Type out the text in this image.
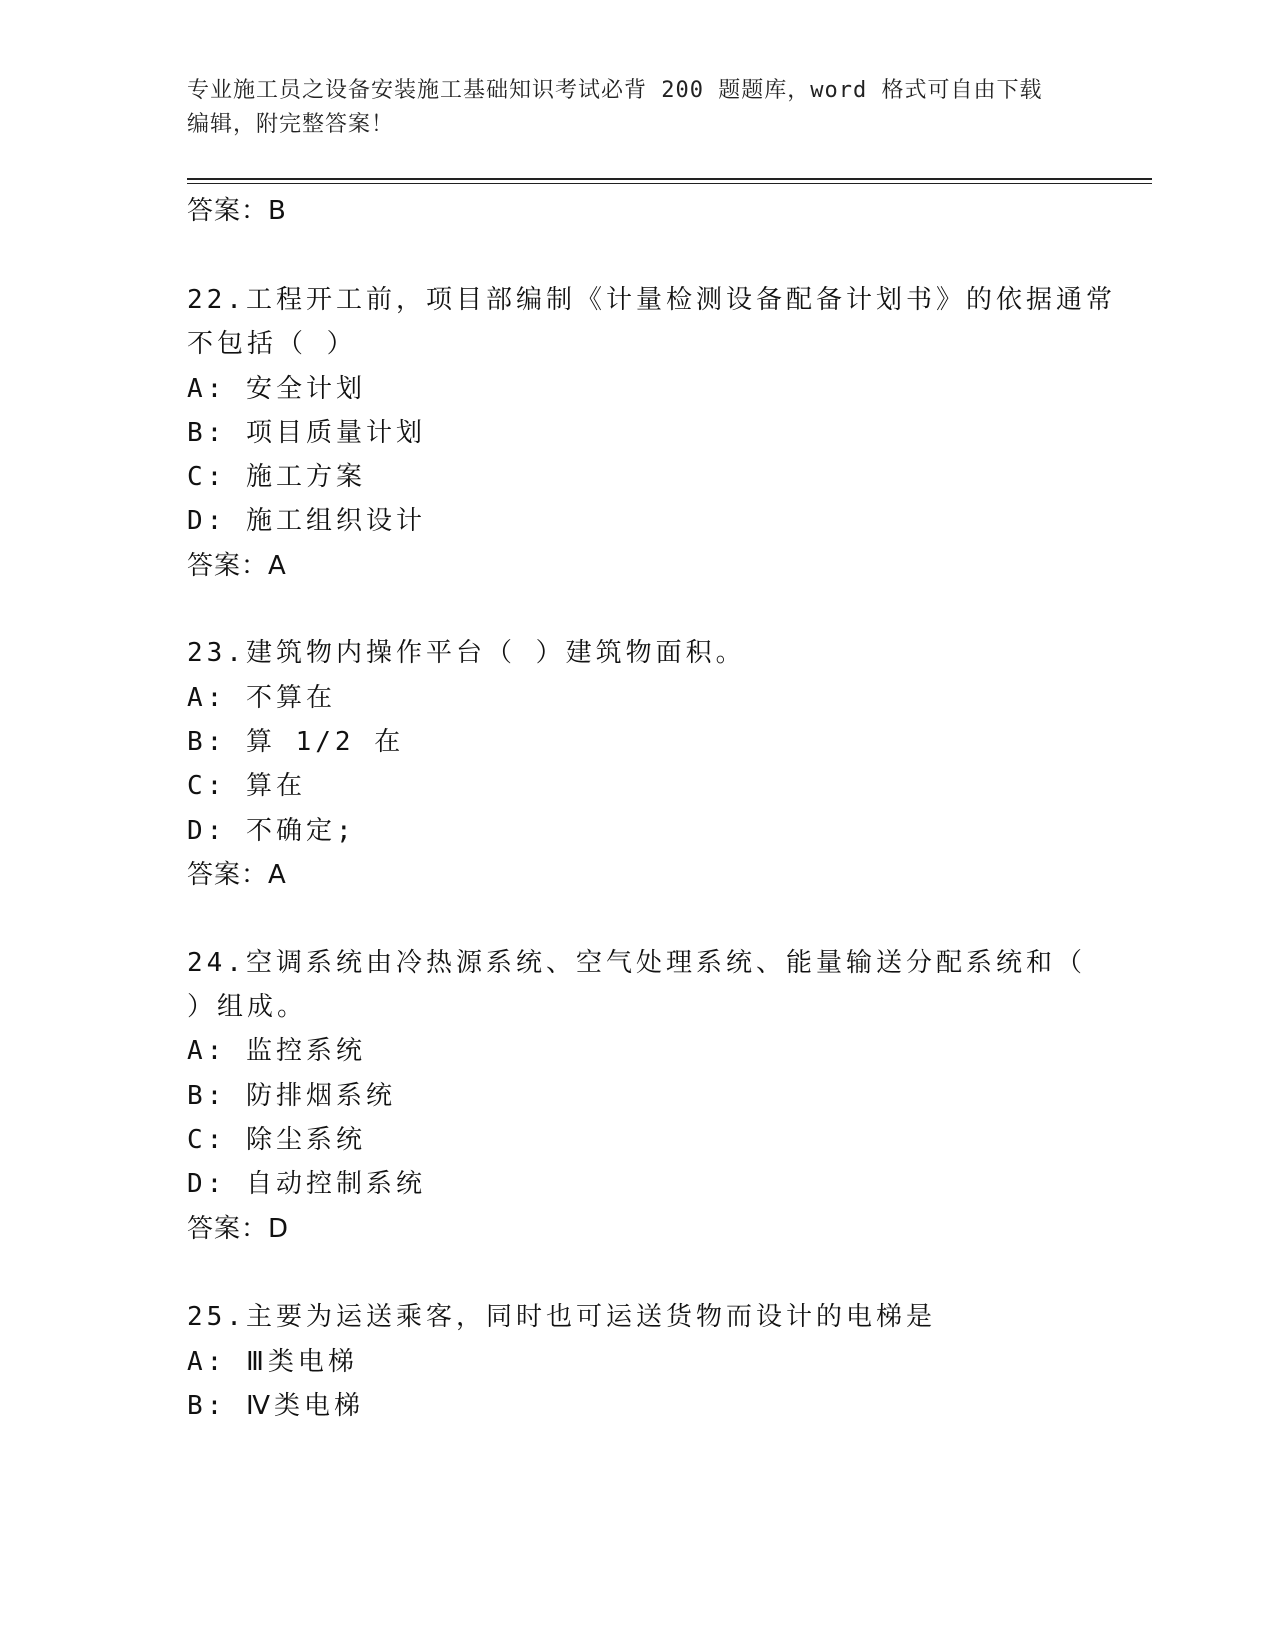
专业施工员之设备安装施工基础知识考试必背 200 题题库，word 格式可自由下载
编辑，附完整答案！
答案：B
22.工程开工前，项目部编制《计量检测设备配备计划书》的依据通常
不包括（ ）
A: 安全计划
B: 项目质量计划
C: 施工方案
D: 施工组织设计
答案：A
23.建筑物内操作平台（ ）建筑物面积。
A: 不算在
B: 算 1/2 在
C: 算在
D: 不确定;
答案：A
24.空调系统由冷热源系统、空气处理系统、能量输送分配系统和（
）组成。
A: 监控系统
B: 防排烟系统
C: 除尘系统
D: 自动控制系统
答案：D
25.主要为运送乘客，同时也可运送货物而设计的电梯是
A: Ⅲ类电梯
B: Ⅳ类电梯
